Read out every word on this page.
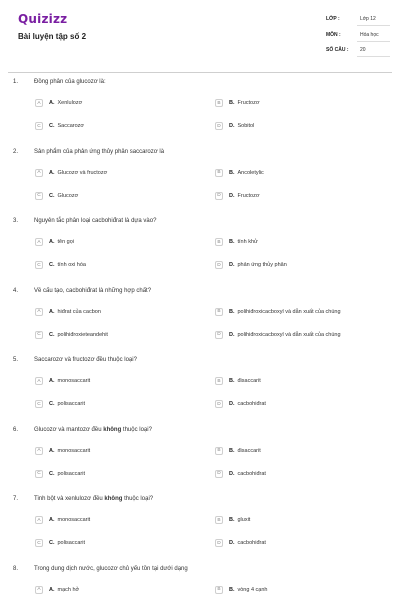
Quizizz
Bài luyện tập số 2
LỚP :	Lớp 12
MÔN :	Hóa học
SỐ CÂU :	20
1.	Đồng phân của glucozơ là:
A	A. Xenlulozơ	B	B. Fructozơ
C	C. Saccarozơ	D	D. Sobitol
2.	Sản phẩm của phản ứng thủy phân saccarozơ là
A	A. Glucozơ và fructozơ	B	B. Ancoletylic
C	C. Glucozơ	D	D. Fructozơ
3.	Nguyên tắc phân loại cacbohiđrat là dựa vào?
A	A. tên gọi	B	B. tính khử
C	C. tính oxi hóa	D	D. phản ứng thủy phân
4.	Về cấu tạo, cacbohiđrat là những hợp chất?
A	A. hiđrat của cacbon	B	B. polihiđroxicacboxyl và dẫn xuất của chúng
C	C. polihiđroxieteandehit	D	D. polihiđroxicacboxyl và dẫn xuất của chúng
5.	Saccarozơ và fructozơ đều thuộc loại?
A	A. monosaccarit	B	B. đisaccarit
C	C. polisaccarit	D	D. cacbohiđrat
6.	Glucozơ và mantozơ đều không thuộc loại?
A	A. monosaccarit	B	B. đisaccarit
C	C. polisaccarit	D	D. cacbohiđrat
7.	Tinh bột và xenlulozơ đều không thuộc loại?
A	A. monosaccarit	B	B. gluxit
C	C. polisaccarit	D	D. cacbohiđrat
8.	Trong dung dịch nước, glucozơ chủ yếu tồn tại dưới dạng
A	A. mạch hở	B	B. vòng 4 cạnh
